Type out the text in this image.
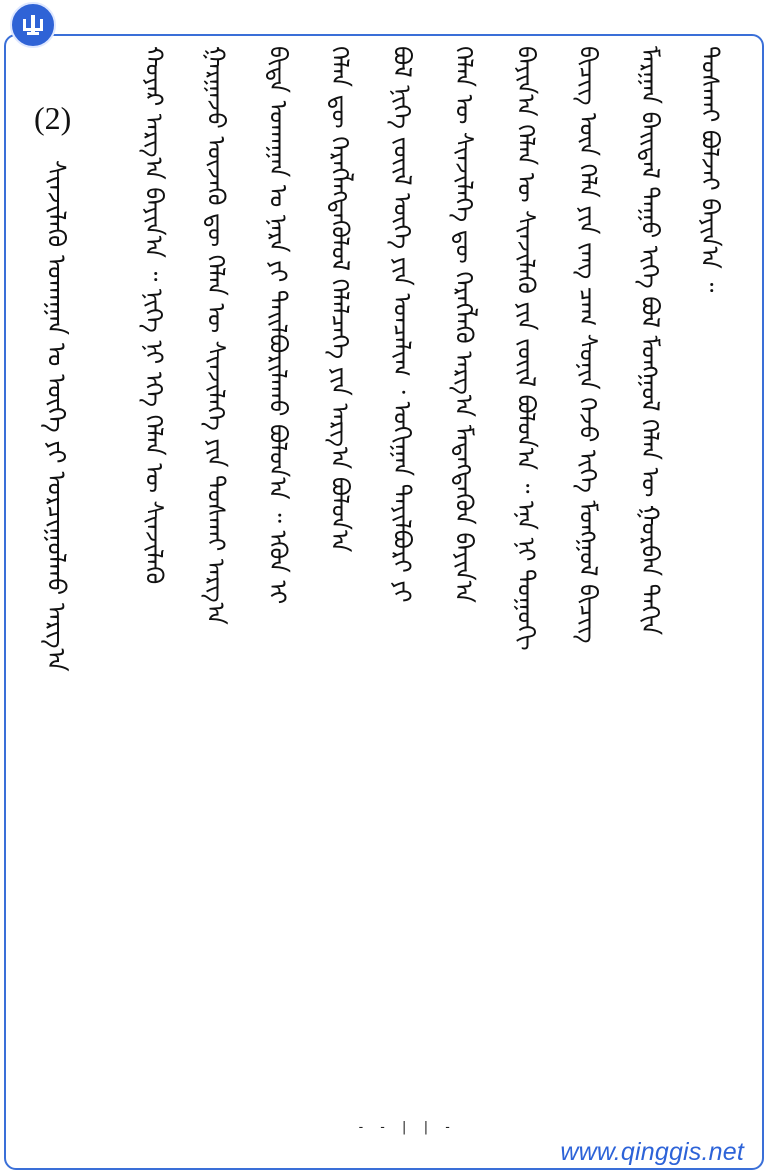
(2)
ᠰᠢᠨᠵᠢᠯᠡᠬᠦ ᠤᠬᠠᠭᠠᠨ ᠤ ᠦᠭᠡ ᠶᠢ ᠣᠷᠴᠢᠭᠤᠯᠬᠤ ᠠᠷᠭ᠎ᠠ	ᠲᠤᠰᠬᠠᠢ ᠪᠣᠯᠵᠠᠢ ᠪᠠᠶᠢᠨ᠎ᠠ ᠌᠃
ᠮᠠᠷᠭᠠᠨ ᠪᠠᠢᠳᠠᠯ ᠳᠠᠭᠤ ᠢᠬᠡ ᠪᠤᠯ ᠮᠣᠩᠭᠣᠯ ᠬᠡᠯᠡᠨ ᠦ ᠭᠤᠷᠪᠠᠨ ᠳᠠᠬᠢᠨ
ᠪᠢᠴᠢᠭ ᠦᠨ ᠬᠡᠯᠡ ᠶᠢᠨ ᠵᠠᠩ ᠴᠠᠭ ᠰᠣᠨᠢᠨ ᠭᠡᠵᠦ ᠢᠬᠡ ᠮᠣᠩᠭᠣᠯ ᠪᠢᠴᠢᠭ
ᠪᠠᠶᠢᠨ᠎ᠠ ᠬᠡᠯᠡᠨ ᠦ ᠰᠢᠨᠵᠢᠯᠡᠬᠦ ᠶᠢᠨ ᠵᠦᠢᠯ ᠪᠣᠯᠤᠨ᠎ᠠ ᠌᠃ ᠡᠨᠡ ᠨᠢ ᠲᠤᠭᠤᠬᠢ
ᠬᠡᠯᠡᠨ ᠦ ᠰᠢᠨᠵᠢᠯᠡᠭᠡ ᠳᠦ ᠬᠡᠷᠡᠭᠯᠡᠬᠦ ᠠᠷᠭ᠎ᠠ ᠮᠡᠳᠡᠭᠳᠡᠬᠦᠨ ᠪᠠᠶᠢᠨ᠎ᠠ
ᠪᠣᠯ ᠨᠢᠭᠡ ᠵᠦᠢᠯ ᠦᠭᠡ ᠶᠢᠨ ᠣᠨᠴᠠᠯᠢᠭ ᠂ ᠣᠬᠢᠭᠠᠨ ᠲᠠᠶᠢᠯᠪᠤᠷᠢ ᠶᠢ
ᠬᠡᠯᠡᠨ ᠳᠦ ᠬᠡᠷᠡᠭᠯᠡᠭᠳᠡᠭᠦᠯᠦᠯ ᠬᠡᠯᠡᠯᠴᠡᠭᠡ ᠶᠢᠨ ᠠᠷᠭ᠎ᠠ ᠪᠣᠯᠤᠨ᠎ᠠ
ᠪᠢᠳᠡ ᠤᠬᠠᠭᠠᠨ ᠤ ᠨᠡᠷᠡ ᠶᠢ ᠲᠠᠢᠯᠪᠤᠷᠢᠯᠠᠬᠤ ᠪᠣᠯᠤᠨ᠎ᠠ ᠌᠃ ᠡᠭᠦᠨ ᠢ
ᠭᠠᠷᠭᠠᠵᠤ ᠦᠵᠡᠬᠦ ᠳᠦ ᠬᠡᠯᠡᠨ ᠦ ᠰᠢᠨᠵᠢᠯᠡᠭᠡ ᠶᠢᠨ ᠲᠤᠰᠬᠠᠢ ᠠᠷᠭ᠎ᠠ
ᠬᠣᠶᠠᠷ ᠠᠷᠭ᠎ᠠ ᠪᠠᠶᠢᠨ᠎ᠠ ᠌᠃ ᠨᠢᠭᠡ ᠨᠢ ᠡᠬᠡ ᠬᠡᠯᠡᠨ ᠦ ᠰᠢᠨᠵᠢᠯᠡᠬᠦ
- - | | -
www.qinggis.net
